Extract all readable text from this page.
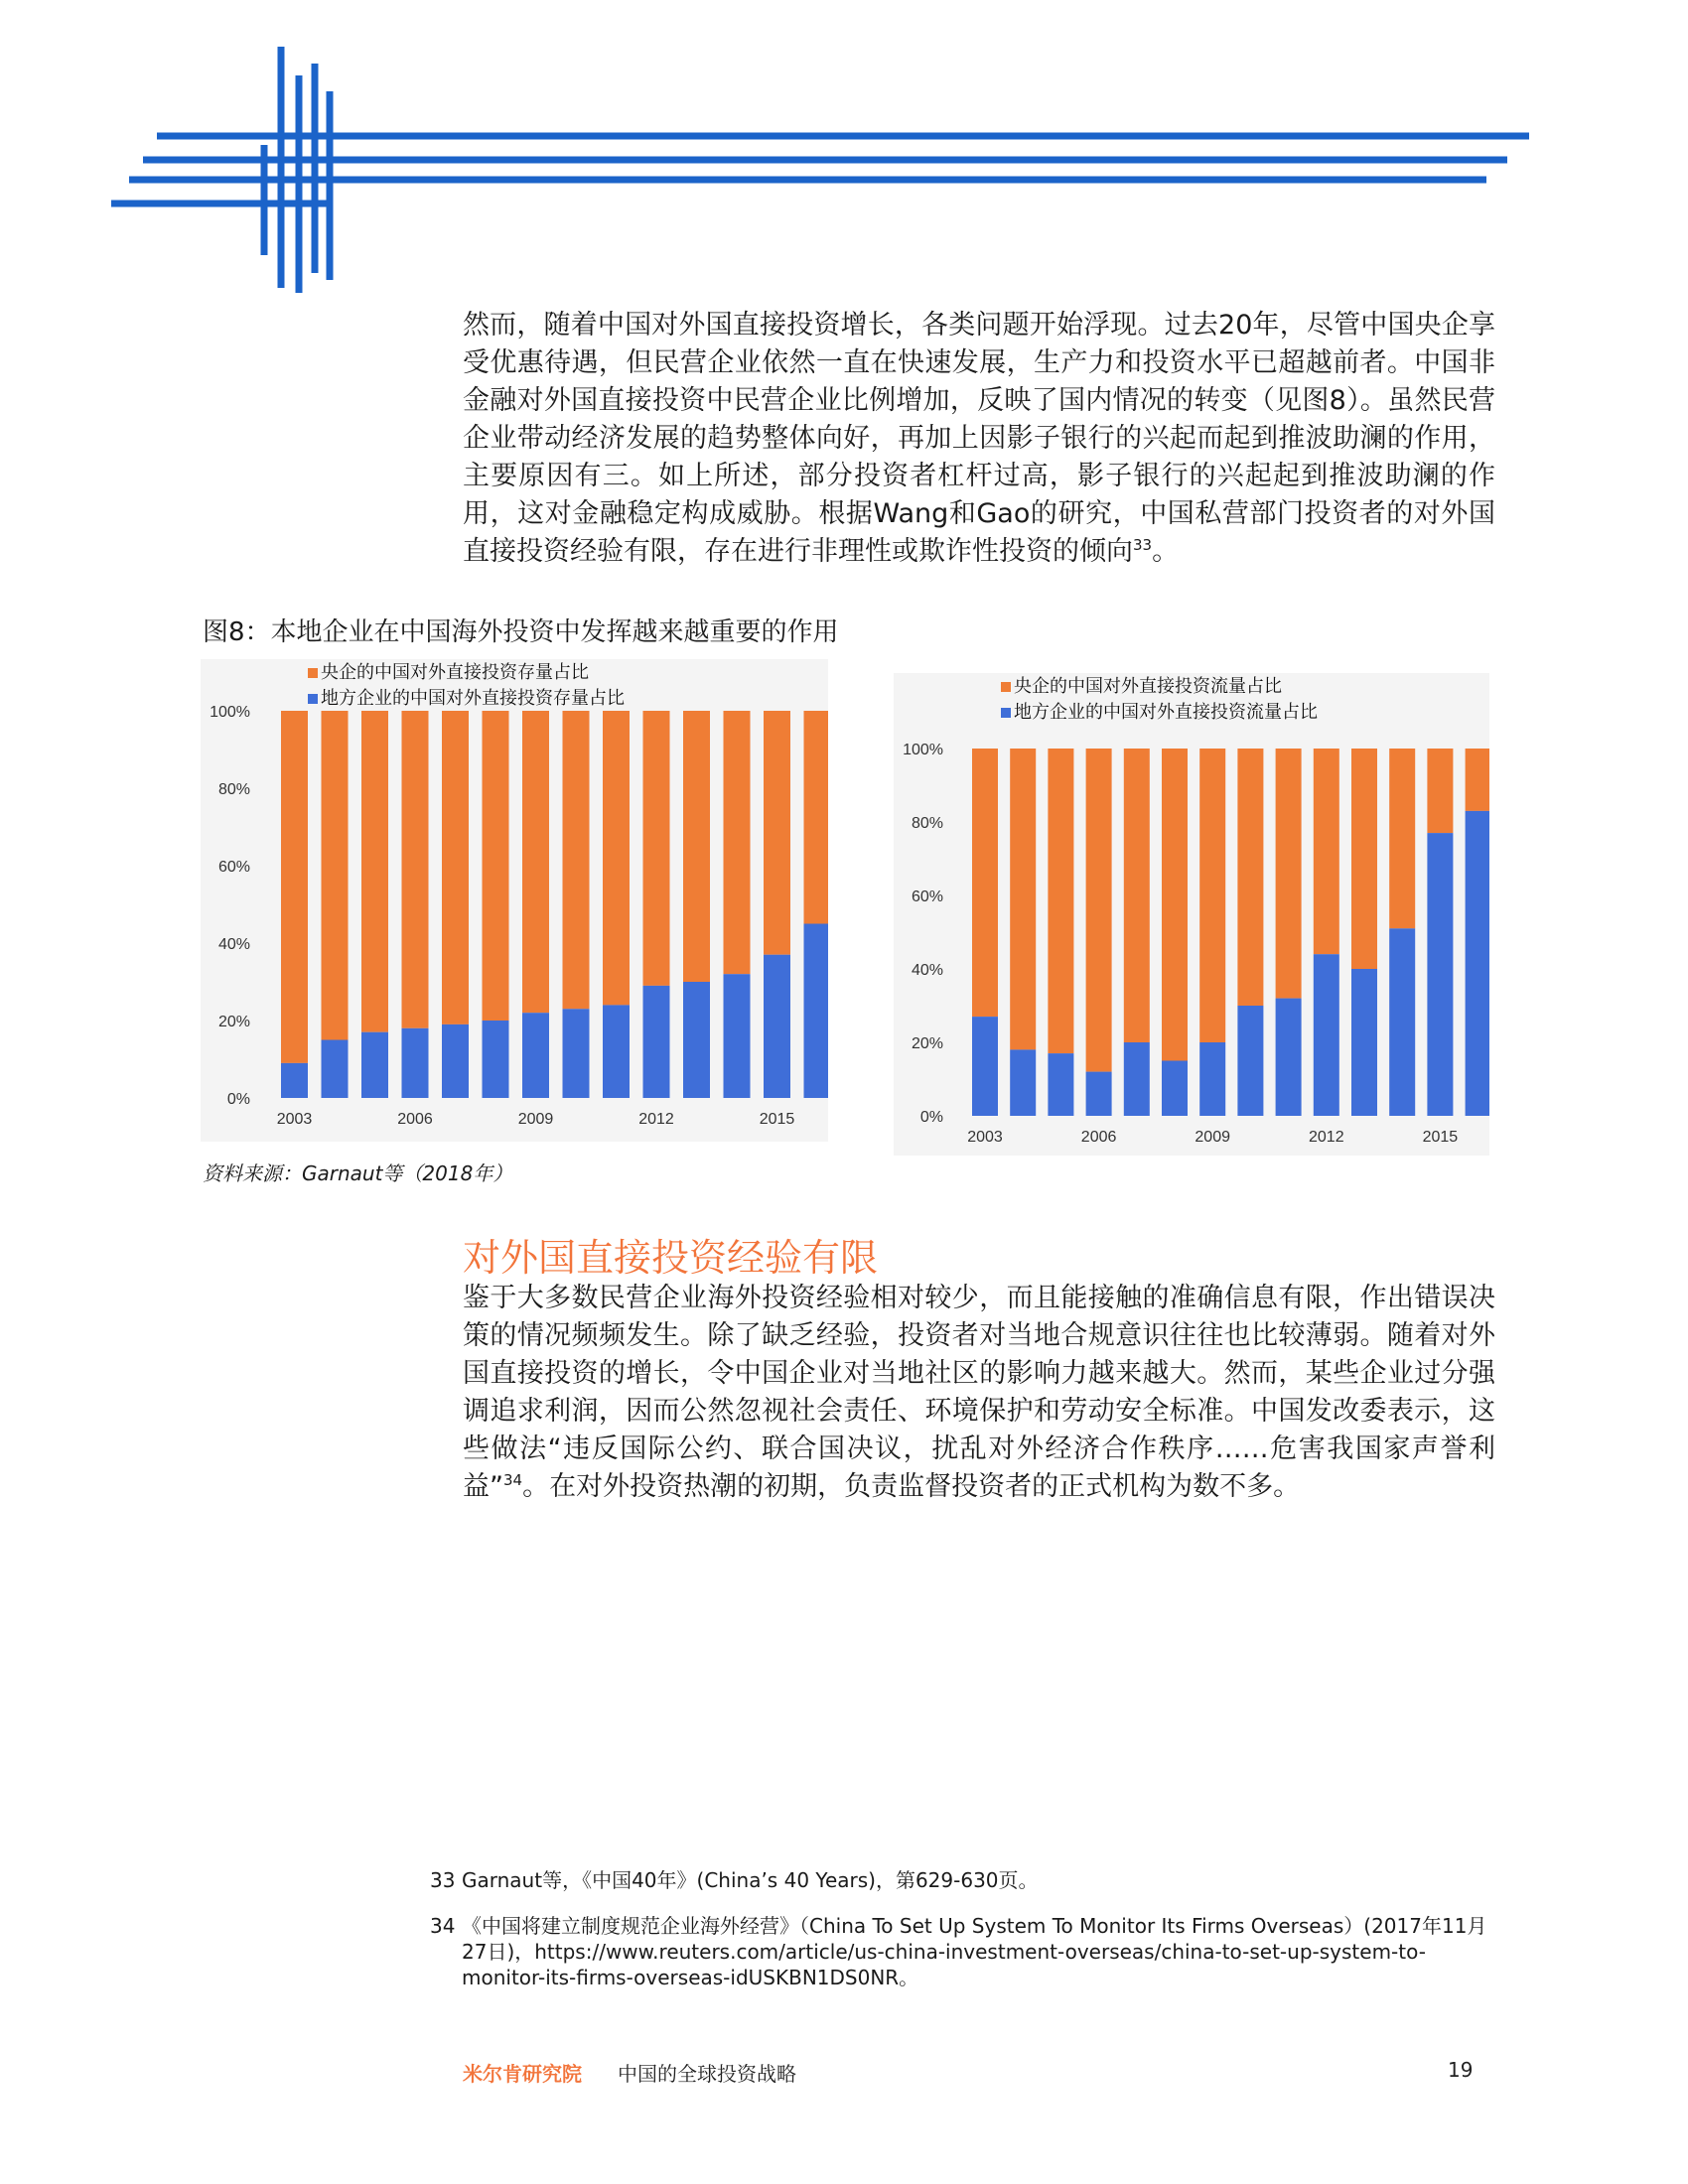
然而，随着中国对外国直接投资增长，各类问题开始浮现。过去20年，尽管中国央企享受优惠待遇，但民营企业依然一直在快速发展，生产力和投资水平已超越前者。中国非金融对外国直接投资中民营企业比例增加，反映了国内情况的转变（见图8）。虽然民营企业带动经济发展的趋势整体向好，再加上因影子银行的兴起而起到推波助澜的作用，主要原因有三。如上所述，部分投资者杠杆过高，影子银行的兴起起到推波助澜的作用，这对金融稳定构成威胁。根据Wang和Gao的研究，中国私营部门投资者的对外国直接投资经验有限，存在进行非理性或欺诈性投资的倾向$^{33}$。

图8：本地企业在中国海外投资中发挥越来越重要的作用
0%
20%
40%
60%
80%
100%
2003	2006	2009	2012	2015
央企的中国对外直接投资存量占比
地方企业的中国对外直接投资存量占比
0%
20%
40%
60%
80%
100%
2003	2006	2009	2012	2015
央企的中国对外直接投资流量占比
地方企业的中国对外直接投资流量占比

资料来源：Garnaut等（2018年）

对外国直接投资经验有限

鉴于大多数民营企业海外投资经验相对较少，而且能接触的准确信息有限，作出错误决策的情况频频发生。除了缺乏经验，投资者对当地合规意识往往也比较薄弱。随着对外国直接投资的增长，令中国企业对当地社区的影响力越来越大。然而，某些企业过分强调追求利润，因而公然忽视社会责任、环境保护和劳动安全标准。中国发改委表示，这些做法“违反国际公约、联合国决议，扰乱对外经济合作秩序……危害我国家声誉利益”$^{34}$。在对外投资热潮的初期，负责监督投资者的正式机构为数不多。

33 Garnaut等，《中国40年》(China’s 40 Years)，第629-630页。

34 《中国将建立制度规范企业海外经营》（China To Set Up System To Monitor Its Firms Overseas）(2017年11月27日)，https://www.reuters.com/article/us-china-investment-overseas/china-to-set-up-system-to-monitor-its-firms-overseas-idUSKBN1DS0NR。

米尔肯研究院 中国的全球投资战略	19
